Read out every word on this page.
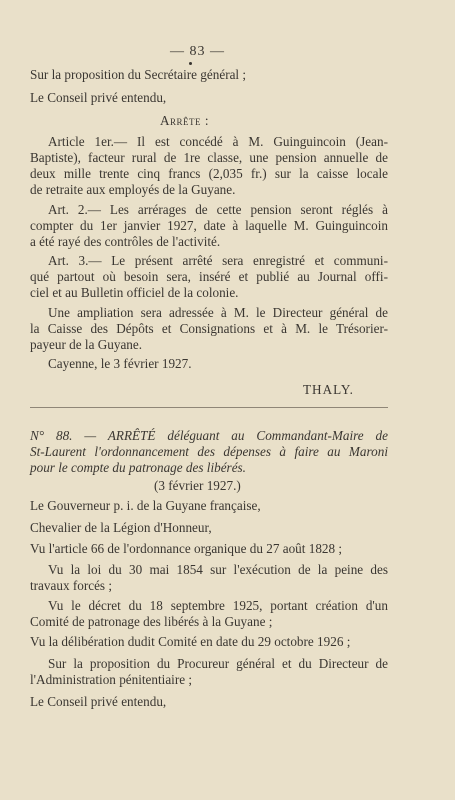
— 83 —
Sur la proposition du Secrétaire général ;
Le Conseil privé entendu,
Arrête :
Article 1er.— Il est concédé à M. Guinguincoin (Jean-
Baptiste), facteur rural de 1re classe, une pension annuelle de
deux mille trente cinq francs (2,035 fr.) sur la caisse locale
de retraite aux employés de la Guyane.
Art. 2.— Les arrérages de cette pension seront réglés à
compter du 1er janvier 1927, date à laquelle M. Guinguincoin
a été rayé des contrôles de l'activité.
Art. 3.— Le présent arrêté sera enregistré et communi-
qué partout où besoin sera, inséré et publié au Journal offi-
ciel et au Bulletin officiel de la colonie.
Une ampliation sera adressée à M. le Directeur général de
la Caisse des Dépôts et Consignations et à M. le Trésorier-
payeur de la Guyane.
Cayenne, le 3 février 1927.
THALY.
N° 88. — ARRÊTÉ déléguant au Commandant-Maire de
St-Laurent l'ordonnancement des dépenses à faire au Maroni
pour le compte du patronage des libérés.
(3 février 1927.)
Le Gouverneur p. i. de la Guyane française,
Chevalier de la Légion d'Honneur,
Vu l'article 66 de l'ordonnance organique du 27 août 1828 ;
Vu la loi du 30 mai 1854 sur l'exécution de la peine des
travaux forcés ;
Vu le décret du 18 septembre 1925, portant création d'un
Comité de patronage des libérés à la Guyane ;
Vu la délibération dudit Comité en date du 29 octobre 1926 ;
Sur la proposition du Procureur général et du Directeur de
l'Administration pénitentiaire ;
Le Conseil privé entendu,
